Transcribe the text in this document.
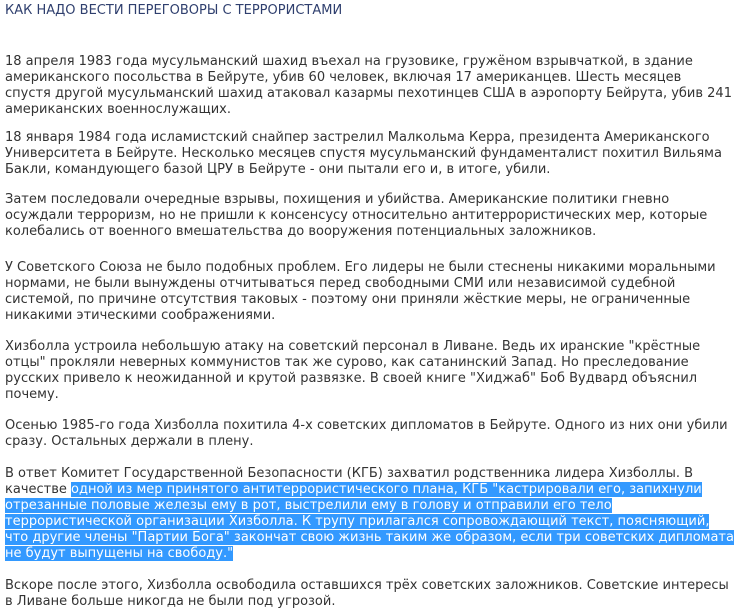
КАК НАДО ВЕСТИ ПЕРЕГОВОРЫ С ТЕРРОРИСТАМИ

18 апреля 1983 года мусульманский шахид въехал на грузовике, гружёном взрывчаткой, в здание
американского посольства в Бейруте, убив 60 человек, включая 17 американцев. Шесть месяцев
спустя другой мусульманский шахид атаковал казармы пехотинцев США в аэропорту Бейрута, убив 241
американских военнослужащих.

18 января 1984 года исламистский снайпер застрелил Малкольма Керра, президента Американского
Университета в Бейруте. Несколько месяцев спустя мусульманский фундаменталист похитил Вильяма
Бакли, командующего базой ЦРУ в Бейруте - они пытали его и, в итоге, убили.

Затем последовали очередные взрывы, похищения и убийства. Американские политики гневно
осуждали терроризм, но не пришли к консенсусу относительно антитеррористических мер, которые
колебались от военного вмешательства до вооружения потенциальных заложников.

У Советского Союза не было подобных проблем. Его лидеры не были стеснены никакими моральными
нормами, не были вынуждены отчитываться перед свободными СМИ или независимой судебной
системой, по причине отсутствия таковых - поэтому они приняли жёсткие меры, не ограниченные
никакими этическими соображениями.

Хизболла устроила небольшую атаку на советский персонал в Ливане. Ведь их иранские "крёстные
отцы" прокляли неверных коммунистов так же сурово, как сатанинский Запад. Но преследование
русских привело к неожиданной и крутой развязке. В своей книге "Хиджаб" Боб Вудвард объяснил
почему.

Осенью 1985-го года Хизболла похитила 4-х советских дипломатов в Бейруте. Одного из них они убили
сразу. Остальных держали в плену.

В ответ Комитет Государственной Безопасности (КГБ) захватил родственника лидера Хизболлы. В
качестве одной из мер принятого антитеррористического плана, КГБ "кастрировали его, запихнули
отрезанные половые железы ему в рот, выстрелили ему в голову и отправили его тело
террористической организации Хизболла. К трупу прилагался сопровождающий текст, поясняющий,
что другие члены "Партии Бога" закончат свою жизнь таким же образом, если три советских дипломата
не будут выпущены на свободу."

Вскоре после этого, Хизболла освободила оставшихся трёх советских заложников. Советские интересы
в Ливане больше никогда не были под угрозой.
